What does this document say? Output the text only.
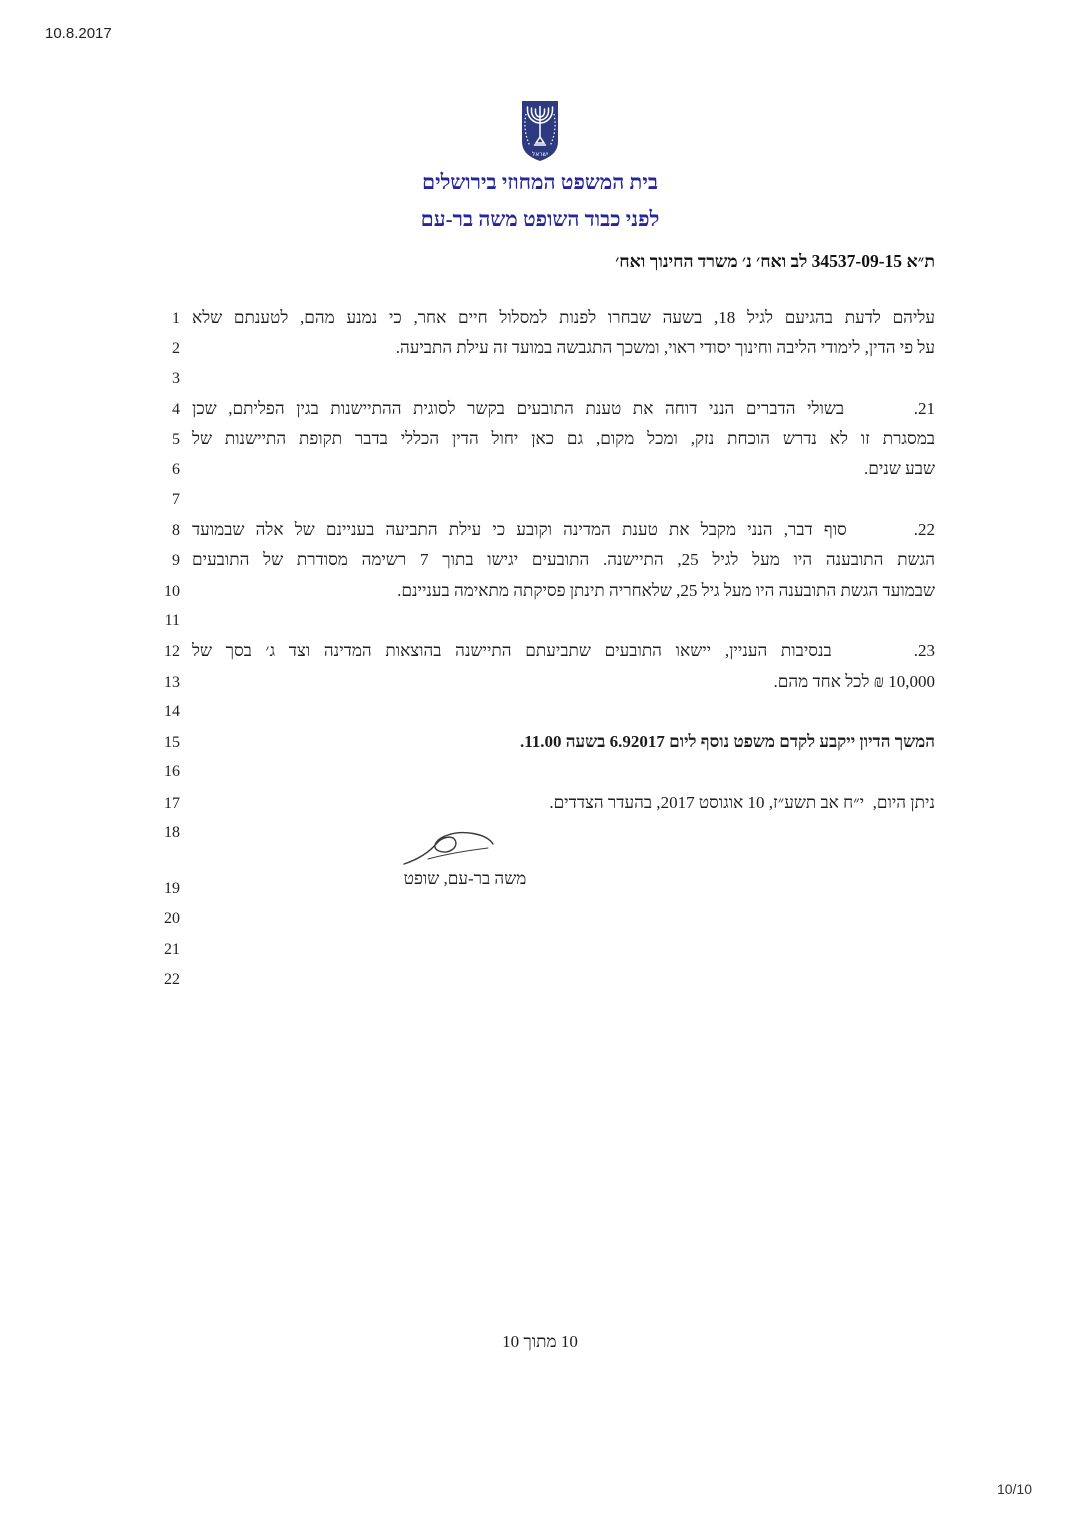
10.8.2017
ישראל
בית המשפט המחוזי בירושלים
לפני כבוד השופט משה בר-עם
ת״א 34537-09-15 לב ואח׳ נ׳ משרד החינוך ואח׳
1 עליהם לדעת בהגיעם לגיל 18, בשעה שבחרו לפנות למסלול חיים אחר, כי נמנע מהם, לטענתם שלא
2	על פי הדין, לימודי הליבה וחינוך יסודי ראוי, ומשכך התגבשה במועד זה עילת התביעה.
3
4 21.      בשולי הדברים הנני דוחה את טענת התובעים בקשר לסוגית ההתיישנות בגין הפליתם, שכן
5 במסגרת זו לא נדרש הוכחת נזק, ומכל מקום, גם כאן יחול הדין הכללי בדבר תקופת התיישנות של
6	שבע שנים.
7
8 22.      סוף דבר, הנני מקבל את טענת המדינה וקובע כי עילת התביעה בעניינם של אלה שבמועד
9 הגשת התובענה היו מעל לגיל 25, התיישנה. התובעים יגישו בתוך 7 רשימה מסודרת של התובעים
10	שבמועד הגשת התובענה היו מעל גיל 25, שלאחריה תינתן פסיקתה מתאימה בעניינם.
11
12 23.      בנסיבות העניין, יישאו התובעים שתביעתם התיישנה בהוצאות המדינה וצד ג׳ בסך של
13	10,000 ₪ לכל אחד מהם.
14
15	המשך הדיון ייקבע לקדם משפט נוסף ליום 6.92017 בשעה 11.00.
16
17	ניתן היום,  י״ח אב תשע״ז, 10 אוגוסט 2017, בהעדר הצדדים.
18
19
20
21
22
משה בר-עם, שופט
10 מתוך 10
10/10
